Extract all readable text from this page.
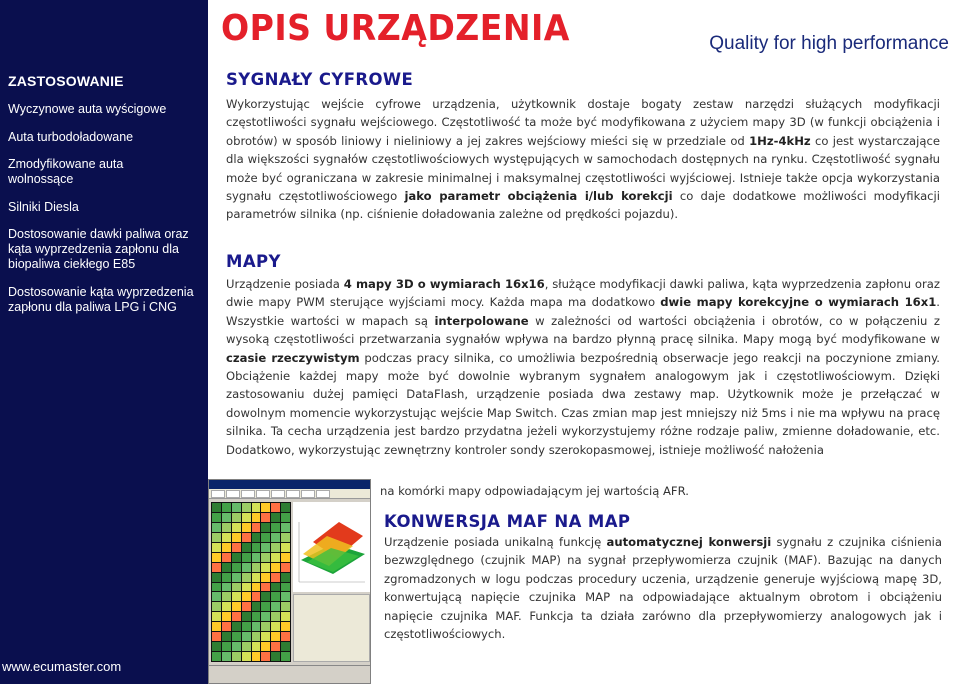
ZASTOSOWANIE
Wyczynowe auta wyścigowe
Auta turbodoładowane
Zmodyfikowane auta wolnossące
Silniki Diesla
Dostosowanie dawki paliwa oraz kąta wyprzedzenia zapłonu dla biopaliwa ciekłego E85
Dostosowanie kąta wyprzedzenia zapłonu dla paliwa LPG i CNG
www.ecumaster.com
OPIS URZĄDZENIA	Quality for high performance
SYGNAŁY CYFROWE
Wykorzystując wejście cyfrowe urządzenia, użytkownik dostaje bogaty zestaw narzędzi służących modyfikacji częstotliwości sygnału wejściowego. Częstotliwość ta może być modyfikowana z użyciem mapy 3D (w funkcji obciążenia i obrotów) w sposób liniowy i nieliniowy a jej zakres wejściowy mieści się w przedziale od 1Hz-4kHz co jest wystarczające dla większości sygnałów częstotliwościowych występujących w samochodach dostępnych na rynku. Częstotliwość sygnału może być ograniczana w zakresie minimalnej i maksymalnej częstotliwości wyjściowej. Istnieje także opcja wykorzystania sygnału częstotliwościowego jako parametr obciążenia i/lub korekcji co daje dodatkowe możliwości modyfikacji parametrów silnika (np. ciśnienie doładowania zależne od prędkości pojazdu).
MAPY
Urządzenie posiada 4 mapy 3D o wymiarach 16x16, służące modyfikacji dawki paliwa, kąta wyprzedzenia zapłonu oraz dwie mapy PWM sterujące wyjściami mocy. Każda mapa ma dodatkowo dwie mapy korekcyjne o wymiarach 16x1. Wszystkie wartości w mapach są interpolowane w zależności od wartości obciążenia i obrotów, co w połączeniu z wysoką częstotliwości przetwarzania sygnałów wpływa na bardzo płynną pracę silnika. Mapy mogą być modyfikowane w czasie rzeczywistym podczas pracy silnika, co umożliwia bezpośrednią obserwacje jego reakcji na poczynione zmiany. Obciążenie każdej mapy może być dowolnie wybranym sygnałem analogowym jak i częstotliwościowym. Dzięki zastosowaniu dużej pamięci DataFlash, urządzenie posiada dwa zestawy map. Użytkownik może je przełączać w dowolnym momencie wykorzystując wejście Map Switch. Czas zmian map jest mniejszy niż 5ms i nie ma wpływu na pracę silnika. Ta cecha urządzenia jest bardzo przydatna jeżeli wykorzystujemy różne rodzaje paliw, zmienne doładowanie, etc. Dodatkowo, wykorzystując zewnętrzny kontroler sondy szerokopasmowej, istnieje możliwość nałożenia
na komórki mapy odpowiadającym jej wartością AFR.
KONWERSJA MAF NA MAP
Urządzenie posiada unikalną funkcję automatycznej konwersji sygnału z czujnika ciśnienia bezwzględnego (czujnik MAP) na sygnał przepływomierza czujnik (MAF). Bazując na danych zgromadzonych w logu podczas procedury uczenia, urządzenie generuje wyjściową mapę 3D, konwertującą napięcie czujnika MAP na odpowiadające aktualnym obrotom i obciążeniu napięcie czujnika MAF. Funkcja ta działa zarówno dla przepływomierzy analogowych jak i częstotliwościowych.
